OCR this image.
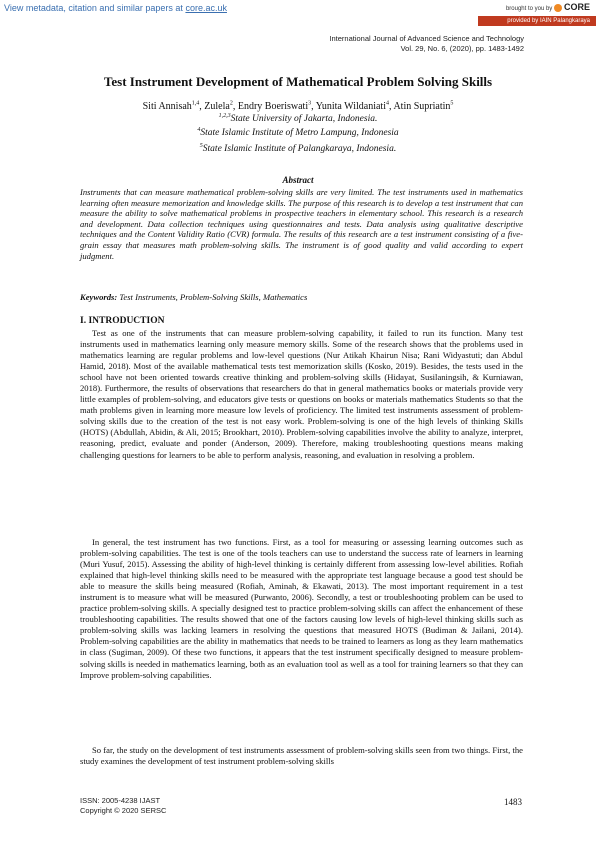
View metadata, citation and similar papers at core.ac.uk	brought to you by CORE
provided by IAIN Palangkaraya
International Journal of Advanced Science and Technology
Vol. 29, No. 6, (2020), pp. 1483-1492
Test Instrument Development of Mathematical Problem Solving Skills
Siti Annisah$^{1,4}$, Zulela$^2$, Endry Boeriswati$^3$, Yunita Wildaniati$^4$, Atin Supriatin$^5$
$^{1,2,3}$State University of Jakarta, Indonesia.
$^4$State Islamic Institute of Metro Lampung, Indonesia
$^5$State Islamic Institute of Palangkaraya, Indonesia.
Abstract
Instruments that can measure mathematical problem-solving skills are very limited. The test instruments used in mathematics learning often measure memorization and knowledge skills. The purpose of this research is to develop a test instrument that can measure the ability to solve mathematical problems in prospective teachers in elementary school. This research is a research and development. Data collection techniques using questionnaires and tests. Data analysis using qualitative descriptive techniques and the Content Validity Ratio (CVR) formula. The results of this research are a test instrument consisting of a five-grain essay that measures math problem-solving skills. The instrument is of good quality and valid according to expert judgment.
Keywords: Test Instruments, Problem-Solving Skills, Mathematics
I. INTRODUCTION

Test as one of the instruments that can measure problem-solving capability, it failed to run its function. Many test instruments used in mathematics learning only measure memory skills. Some of the research shows that the problems used in mathematics learning are regular problems and low-level questions (Nur Atikah Khairun Nisa; Rani Widyastuti; dan Abdul Hamid, 2018). Most of the available mathematical tests test memorization skills (Kosko, 2019). Besides, the tests used in the school have not been oriented towards creative thinking and problem-solving skills (Hidayat, Susilaningsih, & Kurniawan, 2018). Furthermore, the results of observations that researchers do that in general mathematics books or materials provide very little examples of problem-solving, and educators give tests or questions on books or materials mathematics Students so that the math problems given in learning more measure low levels of proficiency. The limited test instruments assessment of problem-solving skills due to the creation of the test is not easy work. Problem-solving is one of the high levels of thinking Skills (HOTS) (Abdullah, Abidin, & Ali, 2015; Brookhart, 2010). Problem-solving capabilities involve the ability to analyze, interpret, reasoning, predict, evaluate and ponder (Anderson, 2009). Therefore, making troubleshooting questions means making challenging questions for learners to be able to perform analysis, reasoning, and evaluation in resolving a problem.

In general, the test instrument has two functions. First, as a tool for measuring or assessing learning outcomes such as problem-solving capabilities. The test is one of the tools teachers can use to understand the success rate of learners in learning (Muri Yusuf, 2015). Assessing the ability of high-level thinking is certainly different from assessing low-level abilities. Rofiah explained that high-level thinking skills need to be measured with the appropriate test language because a good test should be able to measure the skills being measured (Rofiah, Aminah, & Ekawati, 2013). The most important requirement in a test instrument is to measure what will be measured (Purwanto, 2006). Secondly, a test or troubleshooting problem can be used to practice problem-solving skills. A specially designed test to practice problem-solving skills can affect the enhancement of these troubleshooting capabilities. The results showed that one of the factors causing low levels of high-level thinking skills such as problem-solving skills was lacking learners in resolving the questions that measured HOTS (Budiman & Jailani, 2014). Problem-solving capabilities are the ability in mathematics that needs to be trained to learners as long as they learn mathematics in class (Sugiman, 2009). Of these two functions, it appears that the test instrument specifically designed to measure problem-solving skills is needed in mathematics learning, both as an evaluation tool as well as a tool for training learners so that they can Improve problem-solving capabilities.

So far, the study on the development of test instruments assessment of problem-solving skills seen from two things. First, the study examines the development of test instrument problem-solving skills

ISSN: 2005-4238 IJAST
Copyright © 2020 SERSC
1483
